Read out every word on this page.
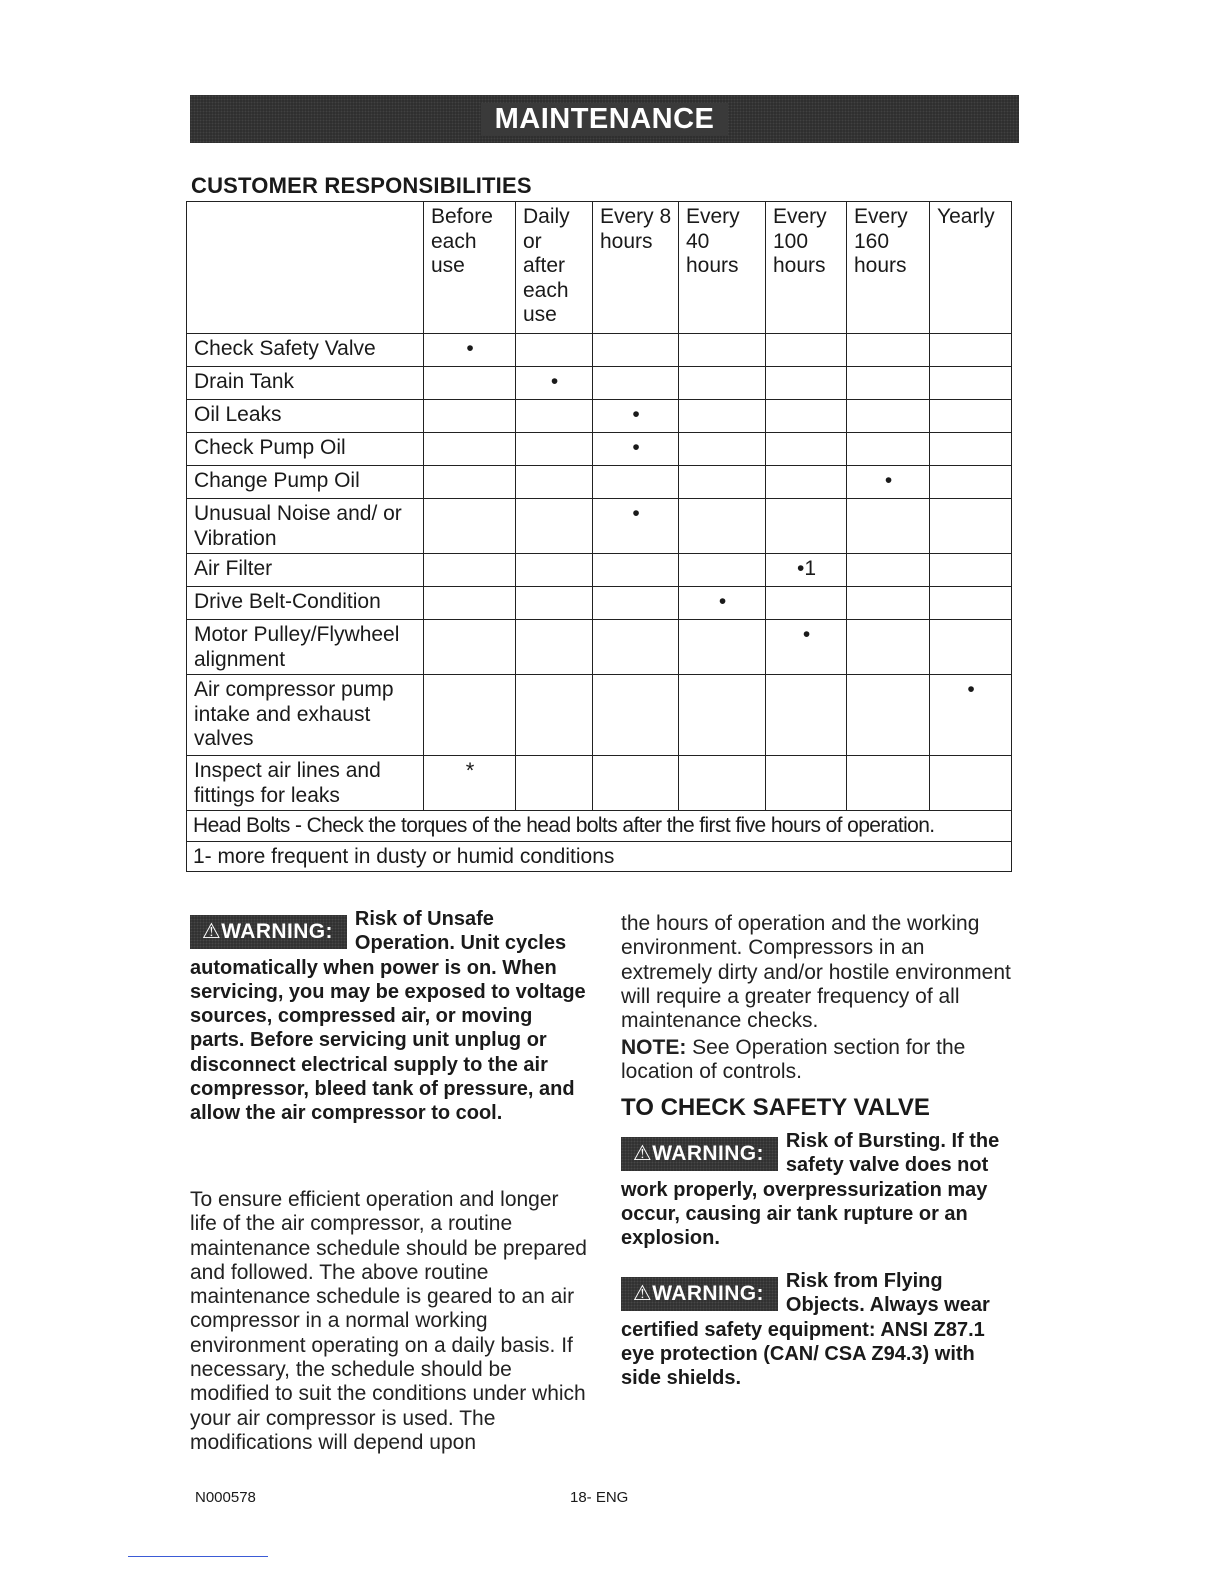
MAINTENANCE
CUSTOMER RESPONSIBILITIES
	Before each use	Daily or after each use	Every 8 hours	Every 40 hours	Every 100 hours	Every 160 hours	Yearly
Check Safety Valve	•						
Drain Tank		•					
Oil Leaks			•				
Check Pump Oil			•				
Change Pump Oil						•	
Unusual Noise and/ or Vibration			•				
Air Filter					•1		
Drive Belt-Condition				•			
Motor Pulley/Flywheel alignment					•		
Air compressor pump intake and exhaust valves							•
Inspect air lines and fittings for leaks	*						
Head Bolts - Check the torques of the head bolts after the first five hours of operation.							
1- more frequent in dusty or humid conditions							
⚠WARNING:
Risk of Unsafe Operation. Unit cycles automatically when power is on. When servicing, you may be exposed to voltage sources, compressed air, or moving parts. Before servicing unit unplug or disconnect electrical supply to the air compressor, bleed tank of pressure, and allow the air compressor to cool.
To ensure efficient operation and longer life of the air compressor, a routine maintenance schedule should be prepared and followed. The above routine maintenance schedule is geared to an air compressor in a normal working environment operating on a daily basis. If necessary, the schedule should be modified to suit the conditions under which your air compressor is used. The modifications will depend upon
the hours of operation and the working environment. Compressors in an extremely dirty and/or hostile environment will require a greater frequency of all maintenance checks.
NOTE: See Operation section for the location of controls.
TO CHECK SAFETY VALVE
⚠WARNING:
Risk of Bursting. If the safety valve does not work properly, overpressurization may occur, causing air tank rupture or an explosion.
⚠WARNING:
Risk from Flying Objects. Always wear certified safety equipment: ANSI Z87.1 eye protection (CAN/ CSA Z94.3) with side shields.
N000578	18- ENG
